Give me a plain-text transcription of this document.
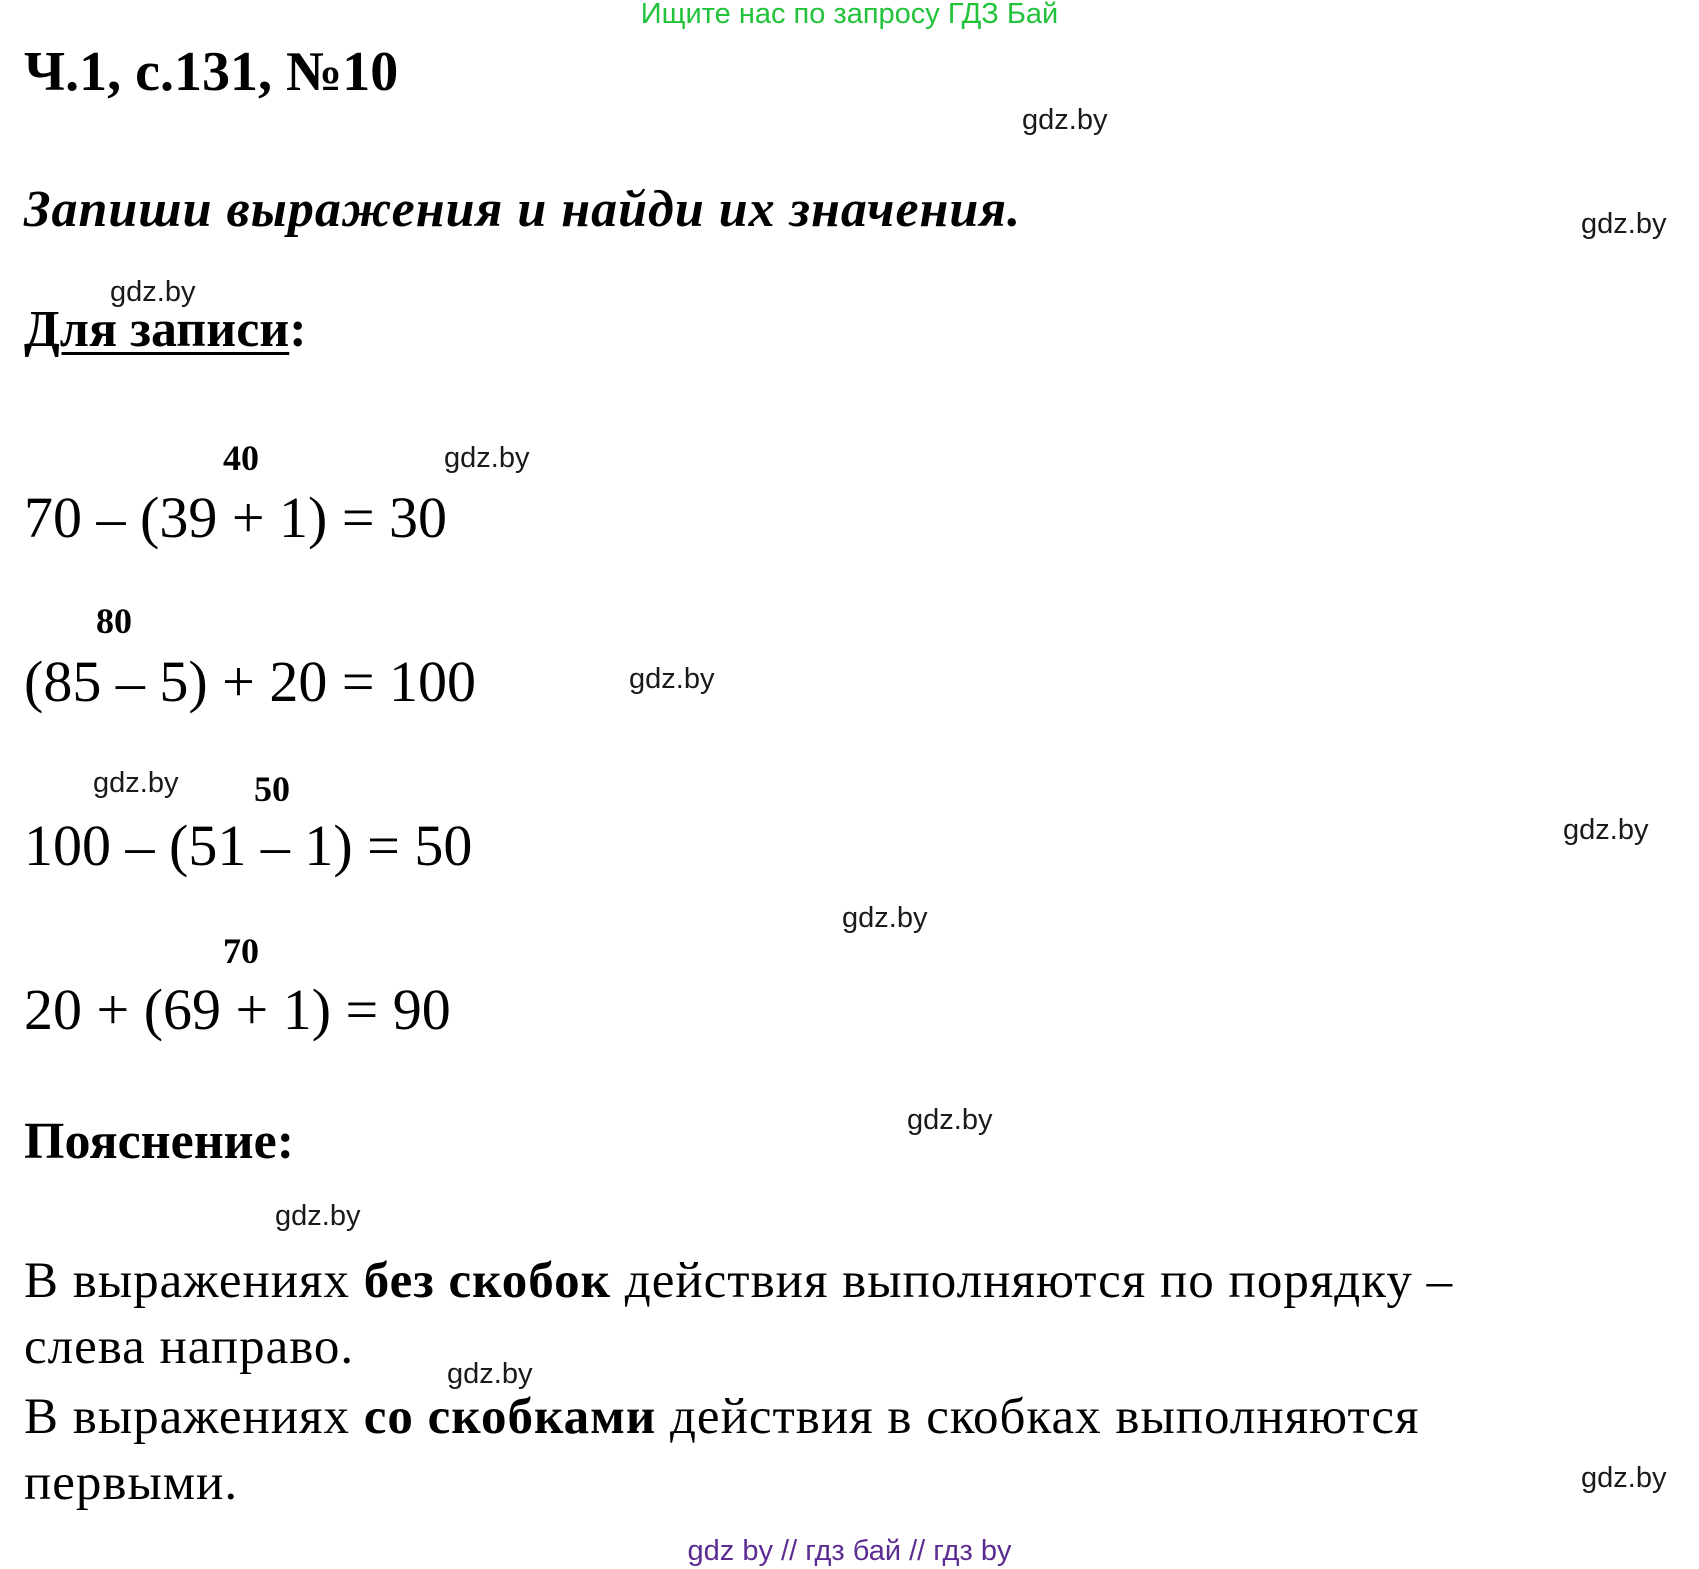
Ищите нас по запросу ГДЗ Бай
Ч.1, с.131, №10
gdz.by
Запиши выражения и найди их значения.	gdz.by
gdz.by
Для записи:
40	gdz.by
70 – (39 + 1) = 30
80
(85 – 5) + 20 = 100	gdz.by
gdz.by 50
100 – (51 – 1) = 50	gdz.by
gdz.by
70
20 + (69 + 1) = 90
gdz.by
Пояснение:
gdz.by
В выражениях без скобок действия выполняются по порядку –
слева направо.	gdz.by
В выражениях со скобками действия в скобках выполняются
первыми.	gdz.by
gdz by // гдз бай // гдз by
